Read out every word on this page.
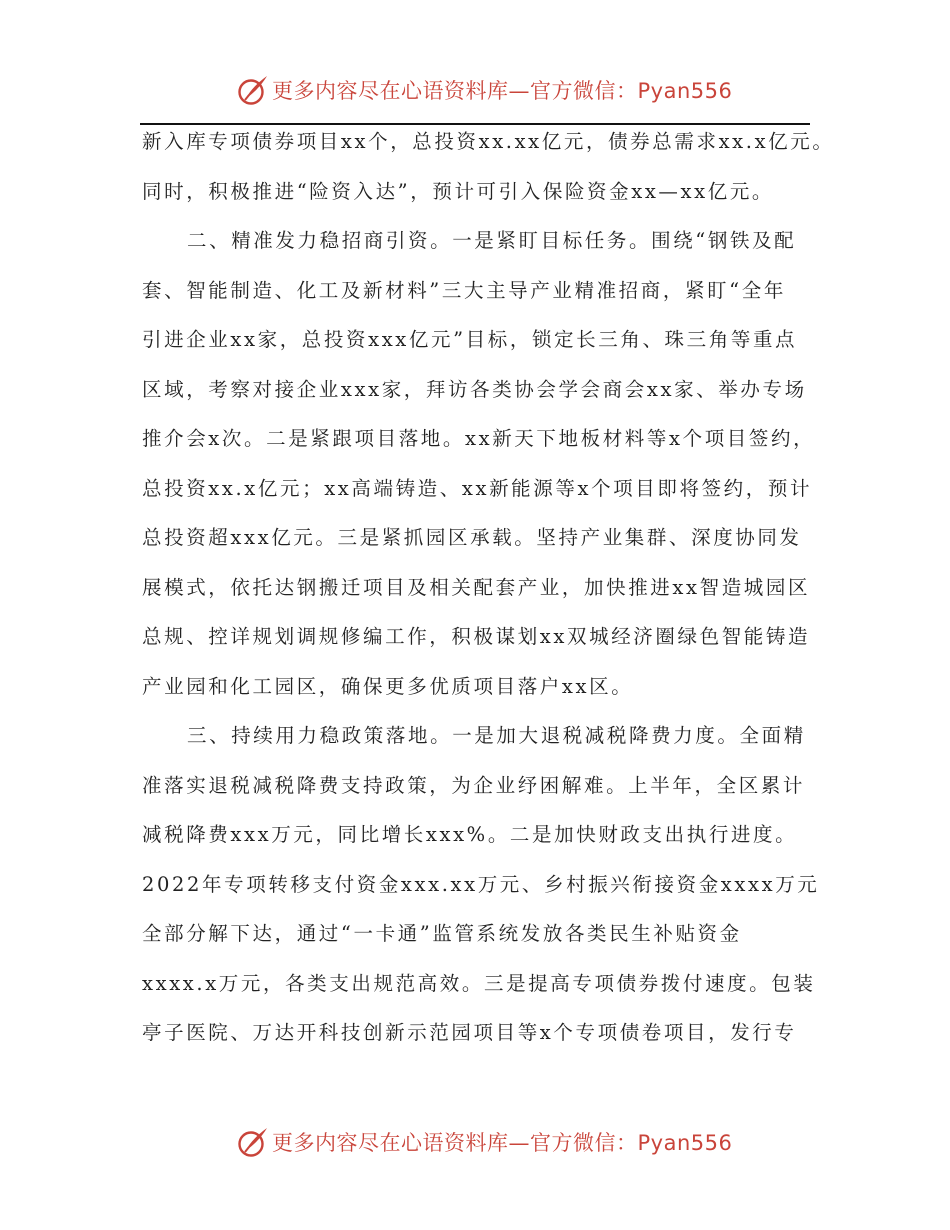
更多内容尽在心语资料库—官方微信：Pyan556
新入库专项债券项目xx个，总投资xx.xx亿元，债券总需求xx.x亿元。
同时，积极推进“险资入达”，预计可引入保险资金xx—xx亿元。
二、精准发力稳招商引资。一是紧盯目标任务。围绕“钢铁及配
套、智能制造、化工及新材料”三大主导产业精准招商，紧盯“全年
引进企业xx家，总投资xxx亿元”目标，锁定长三角、珠三角等重点
区域，考察对接企业xxx家，拜访各类协会学会商会xx家、举办专场
推介会x次。二是紧跟项目落地。xx新天下地板材料等x个项目签约，
总投资xx.x亿元；xx高端铸造、xx新能源等x个项目即将签约，预计
总投资超xxx亿元。三是紧抓园区承载。坚持产业集群、深度协同发
展模式，依托达钢搬迁项目及相关配套产业，加快推进xx智造城园区
总规、控详规划调规修编工作，积极谋划xx双城经济圈绿色智能铸造
产业园和化工园区，确保更多优质项目落户xx区。
三、持续用力稳政策落地。一是加大退税减税降费力度。全面精
准落实退税减税降费支持政策，为企业纾困解难。上半年，全区累计
减税降费xxx万元，同比增长xxx%。二是加快财政支出执行进度。
2022年专项转移支付资金xxx.xx万元、乡村振兴衔接资金xxxx万元
全部分解下达，通过“一卡通”监管系统发放各类民生补贴资金
xxxx.x万元，各类支出规范高效。三是提高专项债券拨付速度。包装
亭子医院、万达开科技创新示范园项目等x个专项债卷项目，发行专
更多内容尽在心语资料库—官方微信：Pyan556
